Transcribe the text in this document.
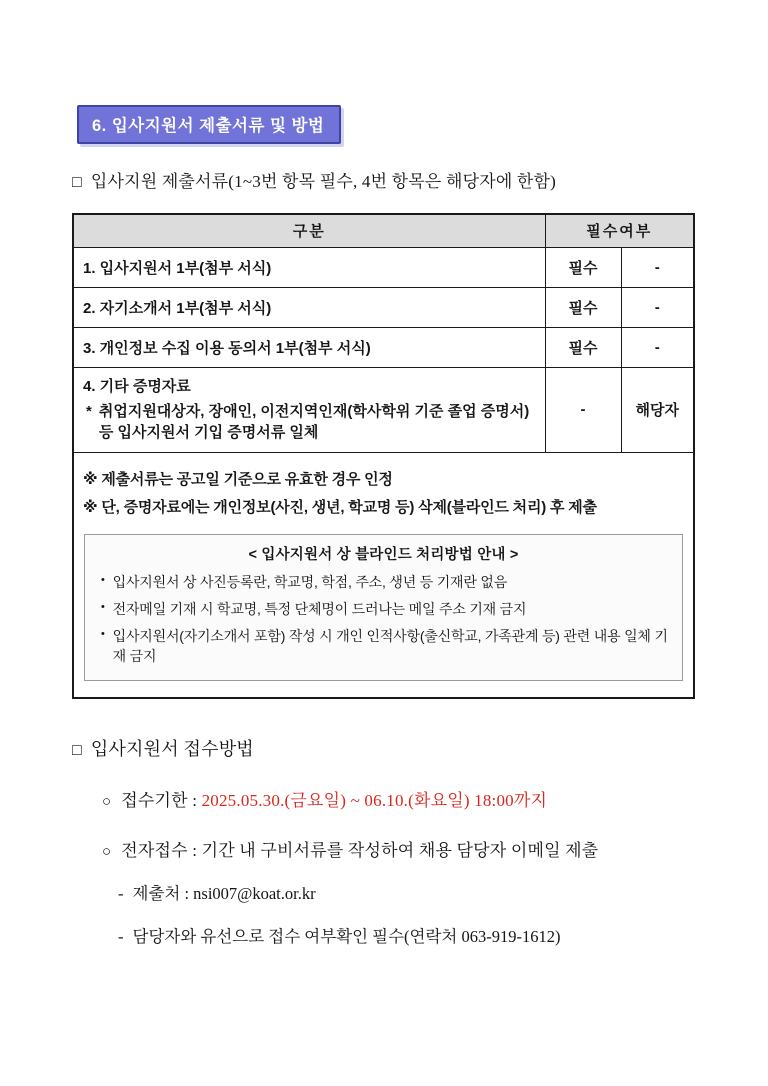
6. 입사지원서 제출서류 및 방법
□ 입사지원 제출서류(1~3번 항목 필수, 4번 항목은 해당자에 한함)
구분	필수여부	
1. 입사지원서 1부(첨부 서식)	필수	-
2. 자기소개서 1부(첨부 서식)	필수	-
3. 개인정보 수집 이용 동의서 1부(첨부 서식)	필수	-

4. 기타 증명자료
* 취업지원대상자, 장애인, 이전지역인재(학사학위 기준 졸업 증명서) 등 입사지원서 기입 증명서류 일체	-	해당자

※ 제출서류는 공고일 기준으로 유효한 경우 인정
※ 단, 증명자료에는 개인정보(사진, 생년, 학교명 등) 삭제(블라인드 처리) 후 제출
< 입사지원서 상 블라인드 처리방법 안내 >
• 입사지원서 상 사진등록란, 학교명, 학점, 주소, 생년 등 기재란 없음
• 전자메일 기재 시 학교명, 특정 단체명이 드러나는 메일 주소 기재 금지
• 입사지원서(자기소개서 포함) 작성 시 개인 인적사항(출신학교, 가족관계 등) 관련 내용 일체 기재 금지
□ 입사지원서 접수방법
○ 접수기한 : 2025.05.30.(금요일) ~ 06.10.(화요일) 18:00까지
○ 전자접수 : 기간 내 구비서류를 작성하여 채용 담당자 이메일 제출
- 제출처 : nsi007@koat.or.kr
- 담당자와 유선으로 접수 여부확인 필수(연락처 063-919-1612)
